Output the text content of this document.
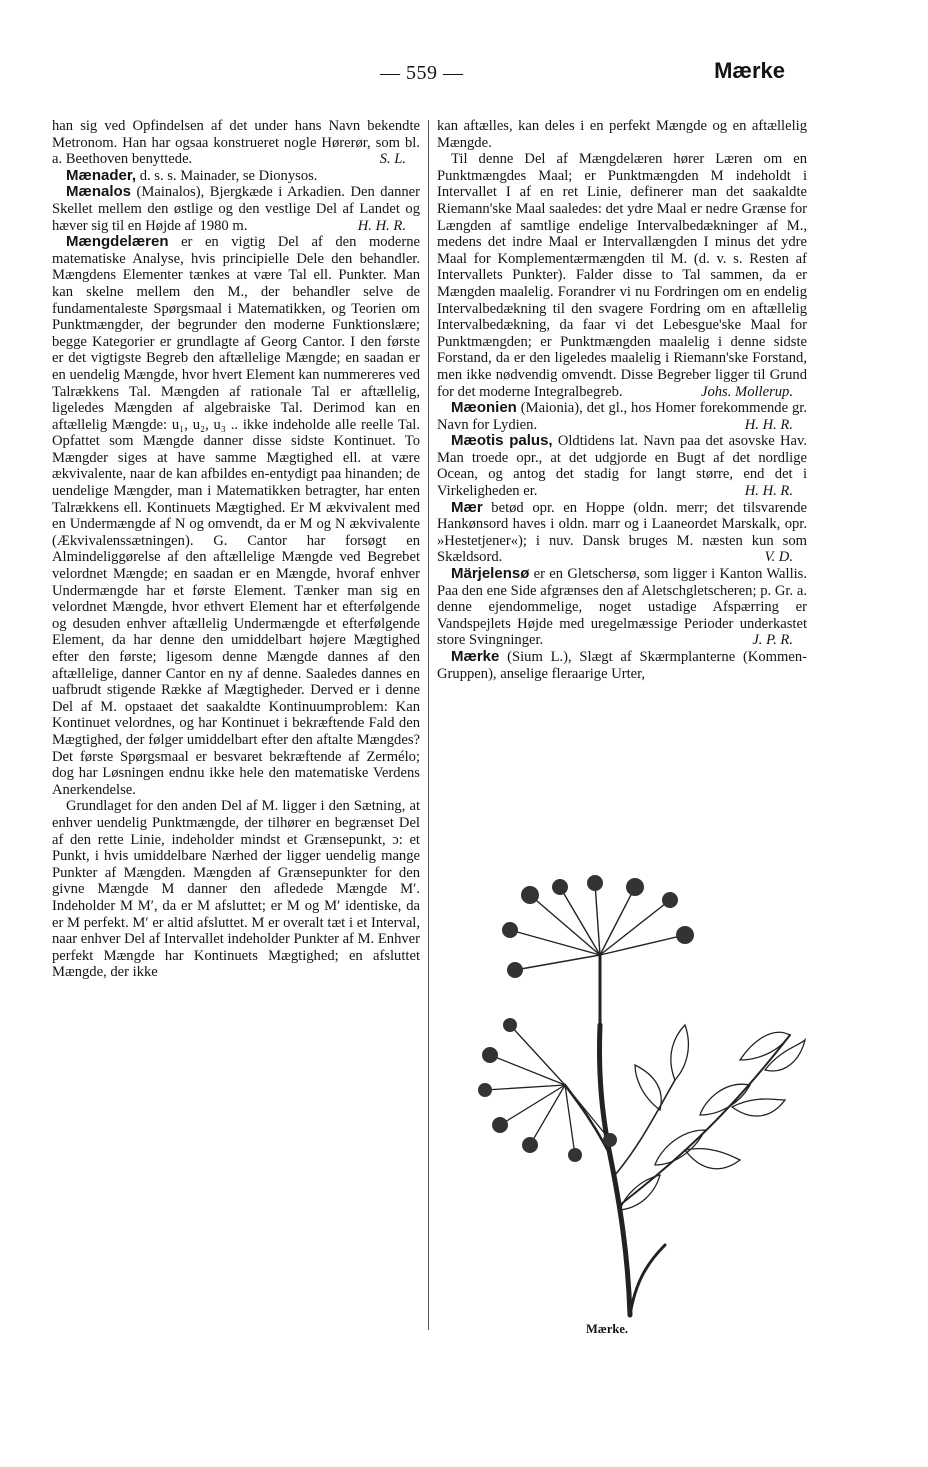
— 559 —	Mærke

han sig ved Opfindelsen af det under hans Navn bekendte Metronom. Han har ogsaa konstrueret nogle Hørerør, som bl. a. Beethoven benyttede.	S. L.

Mænader, d. s. s. Mainader, se Dionysos.

Mænalos (Mainalos), Bjergkæde i Arkadien. Den danner Skellet mellem den østlige og den vestlige Del af Landet og hæver sig til en Højde af 1980 m.	H. H. R.

Mængdelæren er en vigtig Del af den moderne matematiske Analyse, hvis principielle Dele den behandler. Mængdens Elementer tænkes at være Tal ell. Punkter. Man kan skelne mellem den M., der behandler selve de fundamentaleste Spørgsmaal i Matematikken, og Teorien om Punktmængder, der begrunder den moderne Funktionslære; begge Kategorier er grundlagte af Georg Cantor. I den første er det vigtigste Begreb den aftællelige Mængde; en saadan er en uendelig Mængde, hvor hvert Element kan nummereres ved Talrækkens Tal. Mængden af rationale Tal er aftællelig, ligeledes Mængden af algebraiske Tal. Derimod kan en aftællelig Mængde: u₁, u₂, u₃ .. ikke indeholde alle reelle Tal. Opfattet som Mængde danner disse sidste Kontinuet. To Mængder siges at have samme Mægtighed ell. at være ækvivalente, naar de kan afbildes en-entydigt paa hinanden; de uendelige Mængder, man i Matematikken betragter, har enten Talrækkens ell. Kontinuets Mægtighed. Er M ækvivalent med en Undermængde af N og omvendt, da er M og N ækvivalente (Ækvivalenssætningen). G. Cantor har forsøgt en Almindeliggørelse af den aftællelige Mængde ved Begrebet velordnet Mængde; en saadan er en Mængde, hvoraf enhver Undermængde har et første Element. Tænker man sig en velordnet Mængde, hvor ethvert Element har et efterfølgende og desuden enhver aftællelig Undermængde et efterfølgende Element, da har denne den umiddelbart højere Mægtighed efter den første; ligesom denne Mængde dannes af den aftællelige, danner Cantor en ny af denne. Saaledes dannes en uafbrudt stigende Række af Mægtigheder. Derved er i denne Del af M. opstaaet det saakaldte Kontinuumproblem: Kan Kontinuet velordnes, og har Kontinuet i bekræftende Fald den Mægtighed, der følger umiddelbart efter den aftalte Mængdes? Det første Spørgsmaal er besvaret bekræftende af Zermélo; dog har Løsningen endnu ikke hele den matematiske Verdens Anerkendelse.

Grundlaget for den anden Del af M. ligger i den Sætning, at enhver uendelig Punktmængde, der tilhører en begrænset Del af den rette Linie, indeholder mindst et Grænsepunkt, ɔ: et Punkt, i hvis umiddelbare Nærhed der ligger uendelig mange Punkter af Mængden. Mængden af Grænsepunkter for den givne Mængde M danner den afledede Mængde M′. Indeholder M M′, da er M afsluttet; er M og M′ identiske, da er M perfekt. M′ er altid afsluttet. M er overalt tæt i et Interval, naar enhver Del af Intervallet indeholder Punkter af M. Enhver perfekt Mængde har Kontinuets Mægtighed; en afsluttet Mængde, der ikke

kan aftælles, kan deles i en perfekt Mængde og en aftællelig Mængde.

Til denne Del af Mængdelæren hører Læren om en Punktmængdes Maal; er Punktmængden M indeholdt i Intervallet I af en ret Linie, definerer man det saakaldte Riemann'ske Maal saaledes: det ydre Maal er nedre Grænse for Længden af samtlige endelige Intervalbedækninger af M., medens det indre Maal er Intervallængden I minus det ydre Maal for Komplementærmængden til M. (d. v. s. Resten af Intervallets Punkter). Falder disse to Tal sammen, da er Mængden maalelig. Forandrer vi nu Fordringen om en endelig Intervalbedækning til den svagere Fordring om en aftællelig Intervalbedækning, da faar vi det Lebesgue'ske Maal for Punktmængden; er Punktmængden maalelig i denne sidste Forstand, da er den ligeledes maalelig i Riemann'ske Forstand, men ikke nødvendig omvendt. Disse Begreber ligger til Grund for det moderne Integralbegreb.	Johs. Mollerup.

Mæonien (Maionia), det gl., hos Homer forekommende gr. Navn for Lydien.	H. H. R.

Mæotis palus, Oldtidens lat. Navn paa det asovske Hav. Man troede opr., at det udgjorde en Bugt af det nordlige Ocean, og antog det stadig for langt større, end det i Virkeligheden er.	H. H. R.

Mær betød opr. en Hoppe (oldn. merr; det tilsvarende Hankønsord haves i oldn. marr og i Laaneordet Marskalk, opr. »Hestetjener«); i nuv. Dansk bruges M. næsten kun som Skældsord.	V. D.

Märjelensø er en Gletschersø, som ligger i Kanton Wallis. Paa den ene Side afgrænses den af Aletschgletscheren; p. Gr. a. denne ejendommelige, noget ustadige Afspærring er Vandspejlets Højde med uregelmæssige Perioder underkastet store Svingninger.	J. P. R.

Mærke (Sium L.), Slægt af Skærmplanterne (Kommen-Gruppen), anselige fleraarige Urter,

Mærke.
